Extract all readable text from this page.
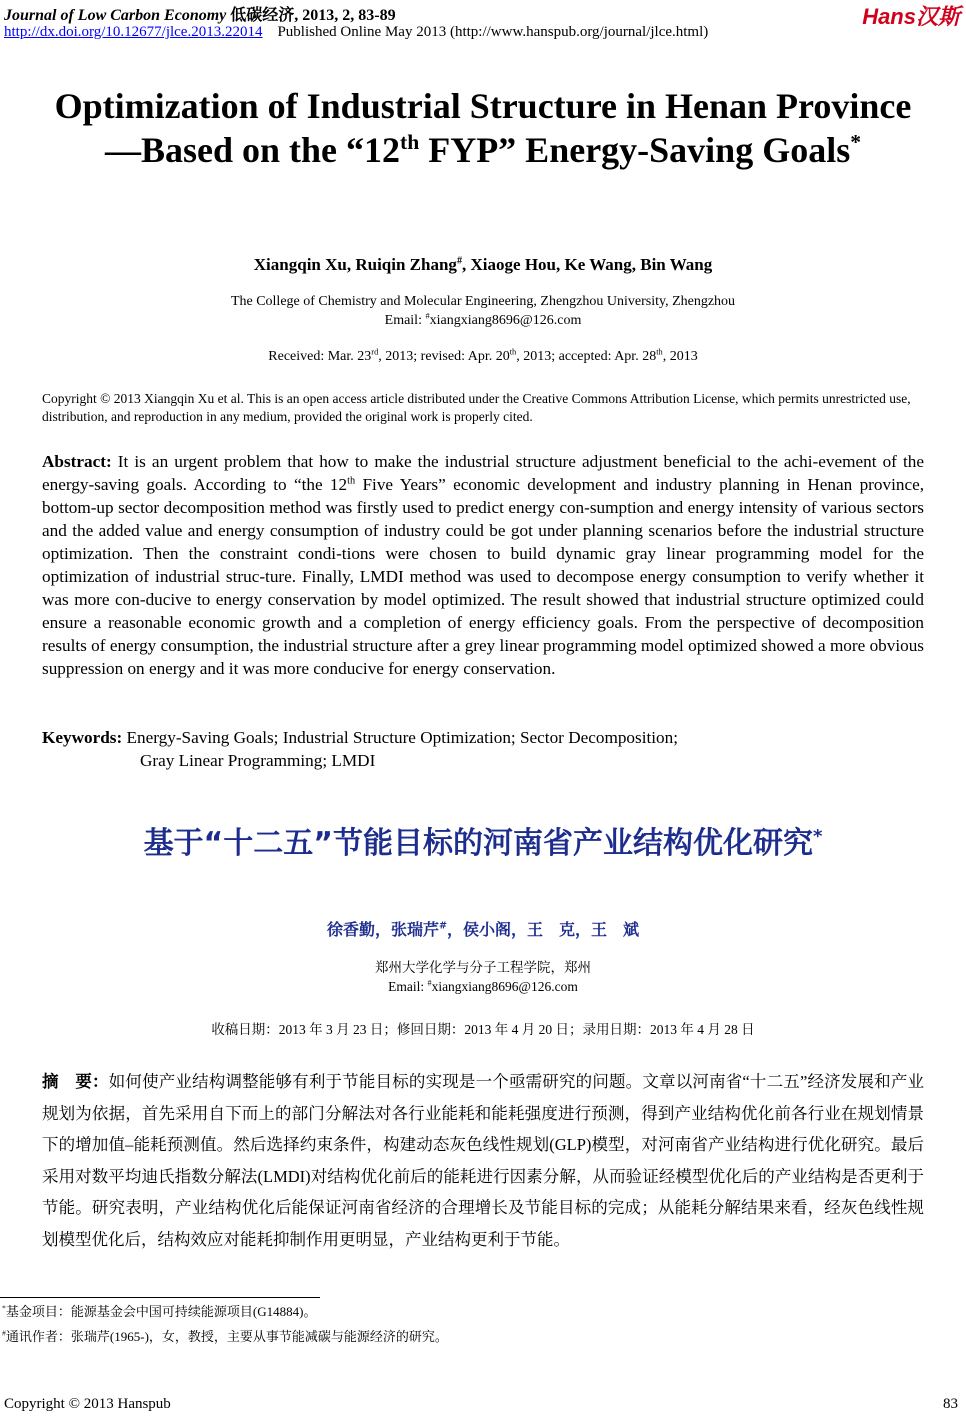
Journal of Low Carbon Economy 低碳经济, 2013, 2, 83-89
http://dx.doi.org/10.12677/jlce.2013.22014 Published Online May 2013 (http://www.hanspub.org/journal/jlce.html)
Hans汉斯
Optimization of Industrial Structure in Henan Province—Based on the “12th FYP” Energy-Saving Goals*
Xiangqin Xu, Ruiqin Zhang#, Xiaoge Hou, Ke Wang, Bin Wang
The College of Chemistry and Molecular Engineering, Zhengzhou University, Zhengzhou
Email: #xiangxiang8696@126.com
Received: Mar. 23rd, 2013; revised: Apr. 20th, 2013; accepted: Apr. 28th, 2013
Copyright © 2013 Xiangqin Xu et al. This is an open access article distributed under the Creative Commons Attribution License, which permits unrestricted use, distribution, and reproduction in any medium, provided the original work is properly cited.
Abstract: It is an urgent problem that how to make the industrial structure adjustment beneficial to the achi-evement of the energy-saving goals. According to “the 12th Five Years” economic development and industry planning in Henan province, bottom-up sector decomposition method was firstly used to predict energy con-sumption and energy intensity of various sectors and the added value and energy consumption of industry could be got under planning scenarios before the industrial structure optimization. Then the constraint condi-tions were chosen to build dynamic gray linear programming model for the optimization of industrial struc-ture. Finally, LMDI method was used to decompose energy consumption to verify whether it was more con-ducive to energy conservation by model optimized. The result showed that industrial structure optimized could ensure a reasonable economic growth and a completion of energy efficiency goals. From the perspective of decomposition results of energy consumption, the industrial structure after a grey linear programming model optimized showed a more obvious suppression on energy and it was more conducive for energy conservation.
Keywords: Energy-Saving Goals; Industrial Structure Optimization; Sector Decomposition;
Gray Linear Programming; LMDI
基于“十二五”节能目标的河南省产业结构优化研究*
徐香勤，张瑞芹#，侯小阁，王　克，王　斌
郑州大学化学与分子工程学院，郑州
Email: #xiangxiang8696@126.com
收稿日期：2013 年 3 月 23 日；修回日期：2013 年 4 月 20 日；录用日期：2013 年 4 月 28 日
摘　要：如何使产业结构调整能够有利于节能目标的实现是一个亟需研究的问题。文章以河南省“十二五”经济发展和产业规划为依据，首先采用自下而上的部门分解法对各行业能耗和能耗强度进行预测，得到产业结构优化前各行业在规划情景下的增加值–能耗预测值。然后选择约束条件，构建动态灰色线性规划(GLP)模型，对河南省产业结构进行优化研究。最后采用对数平均迪氏指数分解法(LMDI)对结构优化前后的能耗进行因素分解，从而验证经模型优化后的产业结构是否更利于节能。研究表明，产业结构优化后能保证河南省经济的合理增长及节能目标的完成；从能耗分解结果来看，经灰色线性规划模型优化后，结构效应对能耗抑制作用更明显，产业结构更利于节能。
*基金项目：能源基金会中国可持续能源项目(G14884)。
#通讯作者：张瑞芹(1965-)，女，教授，主要从事节能减碳与能源经济的研究。
Copyright © 2013 Hanspub	83
